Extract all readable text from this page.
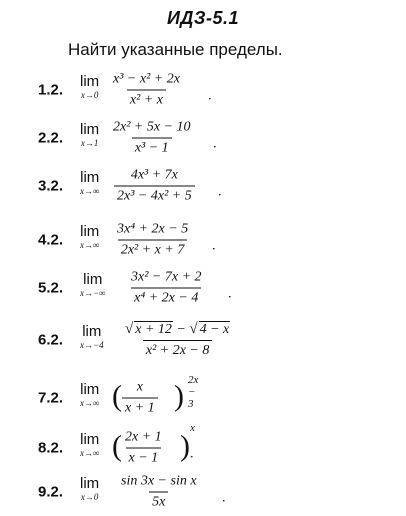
ИДЗ-5.1
Найти указанные пределы.
1.2.
lim
$x\to 0 \frac{\text{x³ − x² + 2x}}{\text{x² + x}}$ .
2.2.
lim
$x\to 1 \frac{\text{2x² + 5x − 10}}{\text{x³ − 1}}$ .
3.2.
lim
$x\to\infty \frac{\text{4x³ + 7x}}{\text{2x³ − 4x² + 5}}$ .
4.2.
lim
$x\to\infty \frac{\text{3x⁴ + 2x − 5}}{\text{2x² + x + 7}}$ .
5.2.
lim
$x\to-\infty \frac{\text{3x² − 7x + 2}}{\text{x⁴ + 2x − 4}}$ .
6.2.
lim
$x\to-4 \frac{√ x + 12 - √ 4 - x}{\text{x² + 2x − 8}}$
7.2.
lim
x→∞ ( $\frac{x}{x + 1}$ ) 2x − 3
8.2.
lim
x→∞ ( $\frac{2x + 1}{x - 1}$ )
x
.
9.2.
lim
$x\to 0 \frac{\text{sin 3x − sin x}}{5x}$ .
